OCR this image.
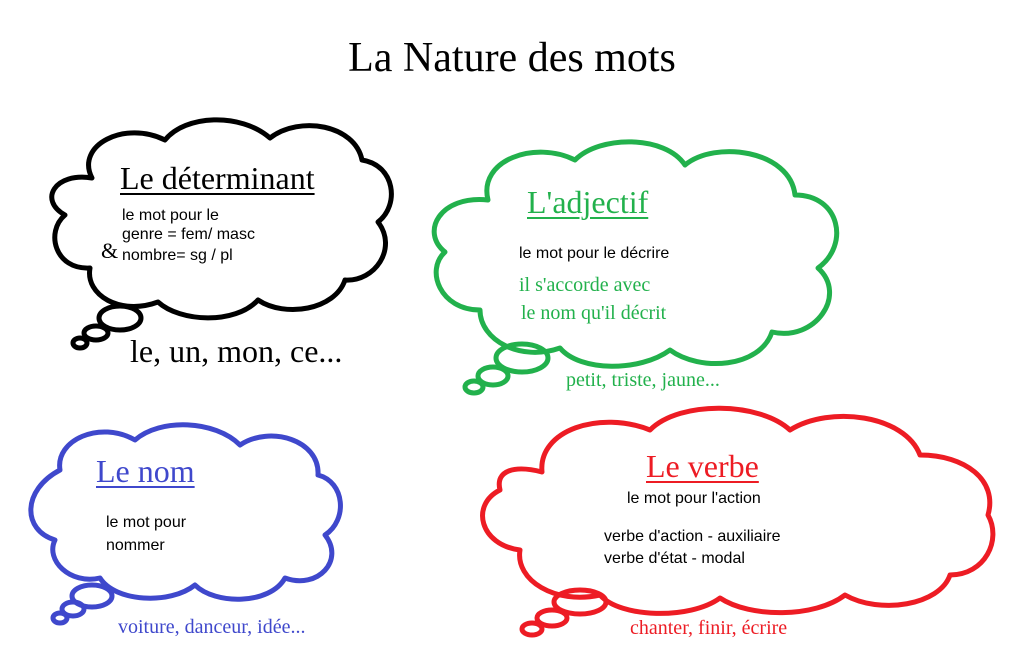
La Nature des mots
Le déterminant
le mot pour le
genre = fem/ masc
& nombre= sg / pl
le, un, mon, ce...
L'adjectif
le mot pour le décrire
il s'accorde avec
le nom qu'il décrit
petit, triste, jaune...
Le nom
le mot pour
nommer
voiture, danceur, idée...
Le verbe
le mot pour l'action
verbe d'action - auxiliaire
verbe d'état - modal
chanter, finir, écrire
